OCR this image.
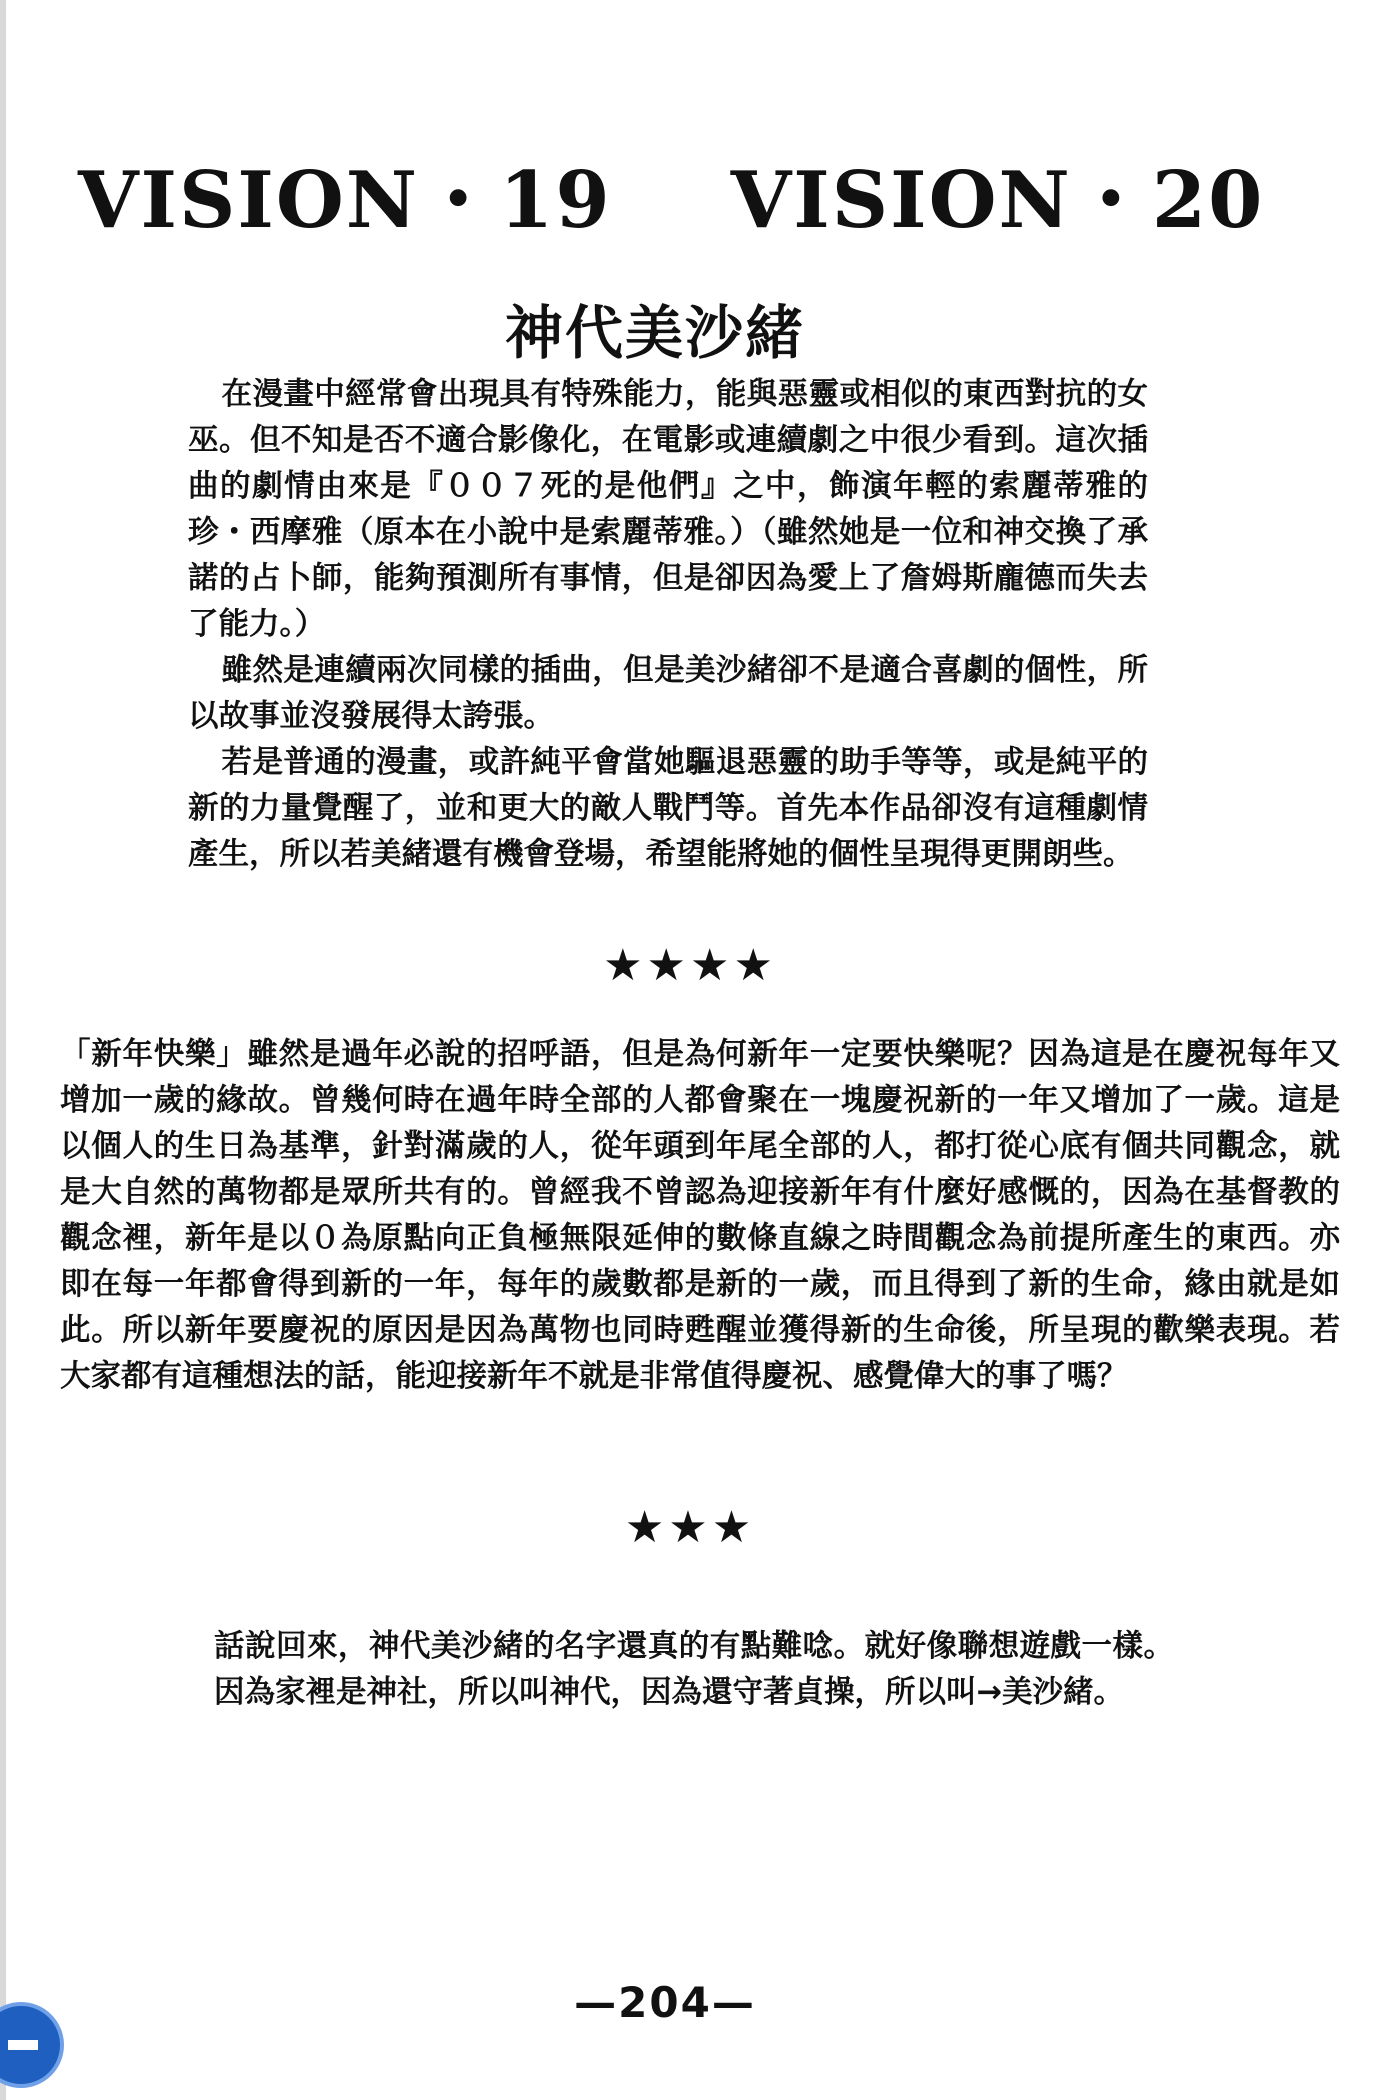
VISION・19 VISION・20
神代美沙緒

在漫畫中經常會出現具有特殊能力，能與惡靈或相似的東西對抗的女巫。但不知是否不適合影像化，在電影或連續劇之中很少看到。這次插曲的劇情由來是『００７死的是他們』之中，飾演年輕的索麗蒂雅的珍・西摩雅（原本在小說中是索麗蒂雅。）（雖然她是一位和神交換了承諾的占卜師，能夠預測所有事情，但是卻因為愛上了詹姆斯龐德而失去了能力。）

雖然是連續兩次同樣的插曲，但是美沙緒卻不是適合喜劇的個性，所以故事並沒發展得太誇張。

若是普通的漫畫，或許純平會當她驅退惡靈的助手等等，或是純平的新的力量覺醒了，並和更大的敵人戰鬥等。首先本作品卻沒有這種劇情產生，所以若美緒還有機會登場，希望能將她的個性呈現得更開朗些。

★★★★

「新年快樂」雖然是過年必說的招呼語，但是為何新年一定要快樂呢？因為這是在慶祝每年又增加一歲的緣故。曾幾何時在過年時全部的人都會聚在一塊慶祝新的一年又增加了一歲。這是以個人的生日為基準，針對滿歲的人，從年頭到年尾全部的人，都打從心底有個共同觀念，就是大自然的萬物都是眾所共有的。曾經我不曾認為迎接新年有什麼好感慨的，因為在基督教的觀念裡，新年是以０為原點向正負極無限延伸的數條直線之時間觀念為前提所產生的東西。亦即在每一年都會得到新的一年，每年的歲數都是新的一歲，而且得到了新的生命，緣由就是如此。所以新年要慶祝的原因是因為萬物也同時甦醒並獲得新的生命後，所呈現的歡樂表現。若大家都有這種想法的話，能迎接新年不就是非常值得慶祝、感覺偉大的事了嗎？

★★★

話說回來，神代美沙緒的名字還真的有點難唸。就好像聯想遊戲一樣。因為家裡是神社，所以叫神代，因為還守著貞操，所以叫→美沙緒。

—204—
